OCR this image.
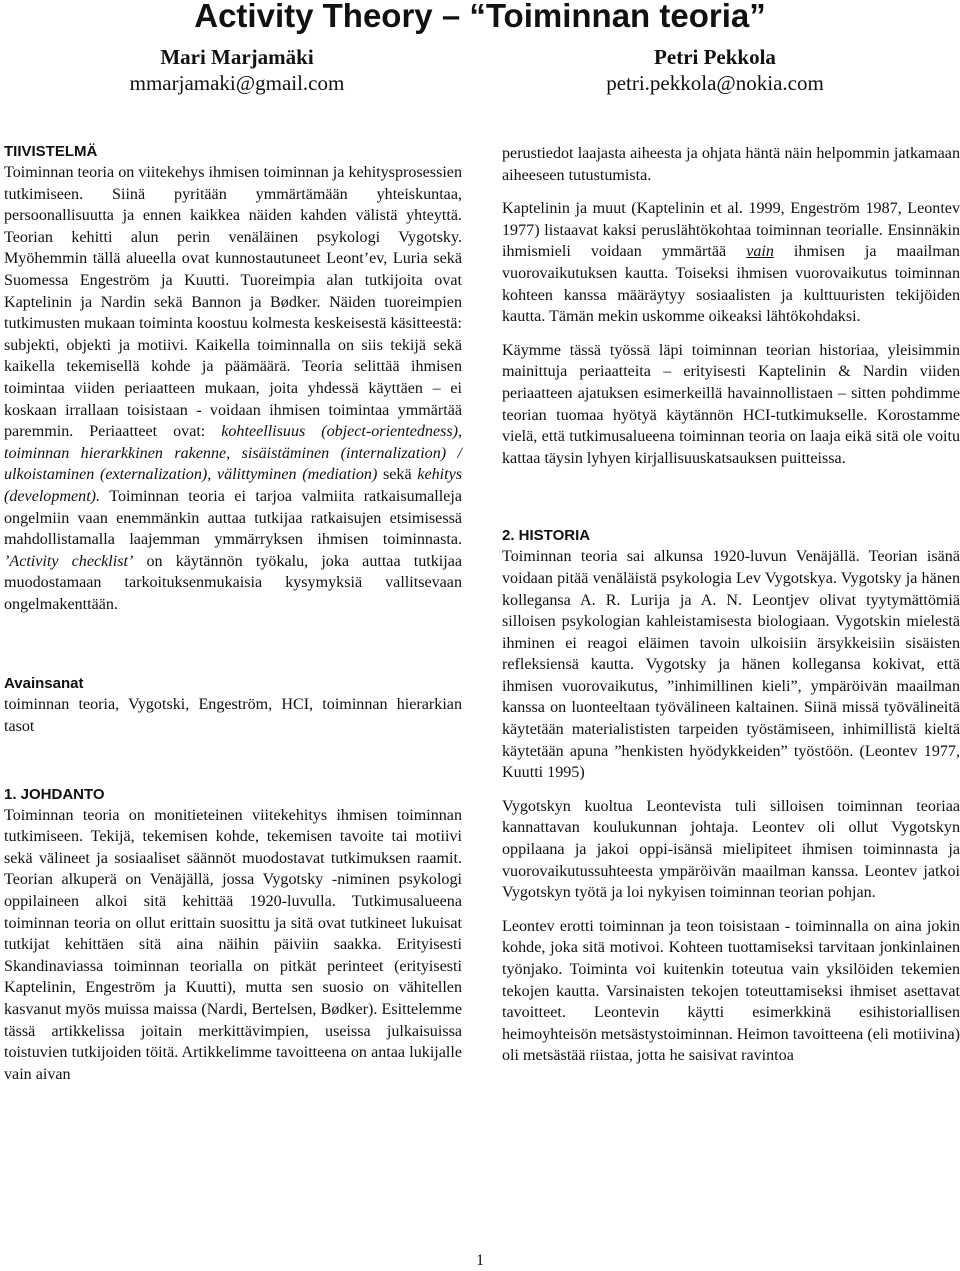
Activity Theory – “Toiminnan teoria”
Mari Marjamäki
mmarjamaki@gmail.com
Petri Pekkola
petri.pekkola@nokia.com
TIIVISTELMÄ

Toiminnan teoria on viitekehys ihmisen toiminnan ja kehitysprosessien tutkimiseen. Siinä pyritään ymmärtämään yhteiskuntaa, persoonallisuutta ja ennen kaikkea näiden kahden välistä yhteyttä. Teorian kehitti alun perin venäläinen psykologi Vygotsky. Myöhemmin tällä alueella ovat kunnostautuneet Leont’ev, Luria sekä Suomessa Engeström ja Kuutti. Tuoreimpia alan tutkijoita ovat Kaptelinin ja Nardin sekä Bannon ja Bødker. Näiden tuoreimpien tutkimusten mukaan toiminta koostuu kolmesta keskeisestä käsitteestä: subjekti, objekti ja motiivi. Kaikella toiminnalla on siis tekijä sekä kaikella tekemisellä kohde ja päämäärä. Teoria selittää ihmisen toimintaa viiden periaatteen mukaan, joita yhdessä käyttäen – ei koskaan irrallaan toisistaan - voidaan ihmisen toimintaa ymmärtää paremmin. Periaatteet ovat: kohteellisuus (object-orientedness), toiminnan hierarkkinen rakenne, sisäistäminen (internalization) / ulkoistaminen (externalization), välittyminen (mediation) sekä kehitys (development). Toiminnan teoria ei tarjoa valmiita ratkaisumalleja ongelmiin vaan enemmänkin auttaa tutkijaa ratkaisujen etsimisessä mahdollistamalla laajemman ymmärryksen ihmisen toiminnasta. ’Activity checklist’ on käytännön työkalu, joka auttaa tutkijaa muodostamaan tarkoituksenmukaisia kysymyksiä vallitsevaan ongelmakenttään.

Avainsanat

toiminnan teoria, Vygotski, Engeström, HCI, toiminnan hierarkian tasot

1. JOHDANTO

Toiminnan teoria on monitieteinen viitekehitys ihmisen toiminnan tutkimiseen. Tekijä, tekemisen kohde, tekemisen tavoite tai motiivi sekä välineet ja sosiaaliset säännöt muodostavat tutkimuksen raamit. Teorian alkuperä on Venäjällä, jossa Vygotsky -niminen psykologi oppilaineen alkoi sitä kehittää 1920-luvulla. Tutkimusalueena toiminnan teoria on ollut erittain suosittu ja sitä ovat tutkineet lukuisat tutkijat kehittäen sitä aina näihin päiviin saakka. Erityisesti Skandinaviassa toiminnan teorialla on pitkät perinteet (erityisesti Kaptelinin, Engeström ja Kuutti), mutta sen suosio on vähitellen kasvanut myös muissa maissa (Nardi, Bertelsen, Bødker). Esittelemme tässä artikkelissa joitain merkittävimpien, useissa julkaisuissa toistuvien tutkijoiden töitä. Artikkelimme tavoitteena on antaa lukijalle vain aivan

perustiedot laajasta aiheesta ja ohjata häntä näin helpommin jatkamaan aiheeseen tutustumista.

Kaptelinin ja muut (Kaptelinin et al. 1999, Engeström 1987, Leontev 1977) listaavat kaksi peruslähtökohtaa toiminnan teorialle. Ensinnäkin ihmismieli voidaan ymmärtää vain ihmisen ja maailman vuorovaikutuksen kautta. Toiseksi ihmisen vuorovaikutus toiminnan kohteen kanssa määräytyy sosiaalisten ja kulttuuristen tekijöiden kautta. Tämän mekin uskomme oikeaksi lähtökohdaksi.

Käymme tässä työssä läpi toiminnan teorian historiaa, yleisimmin mainittuja periaatteita – erityisesti Kaptelinin & Nardin viiden periaatteen ajatuksen esimerkeillä havainnollistaen – sitten pohdimme teorian tuomaa hyötyä käytännön HCI-tutkimukselle. Korostamme vielä, että tutkimusalueena toiminnan teoria on laaja eikä sitä ole voitu kattaa täysin lyhyen kirjallisuuskatsauksen puitteissa.

2. HISTORIA

Toiminnan teoria sai alkunsa 1920-luvun Venäjällä. Teorian isänä voidaan pitää venäläistä psykologia Lev Vygotskya. Vygotsky ja hänen kollegansa A. R. Lurija ja A. N. Leontjev olivat tyytymättömiä silloisen psykologian kahleistamisesta biologiaan. Vygotskin mielestä ihminen ei reagoi eläimen tavoin ulkoisiin ärsykkeisiin sisäisten refleksiensä kautta. Vygotsky ja hänen kollegansa kokivat, että ihmisen vuorovaikutus, ”inhimillinen kieli”, ympäröivän maailman kanssa on luonteeltaan työvälineen kaltainen. Siinä missä työvälineitä käytetään materialististen tarpeiden työstämiseen, inhimillistä kieltä käytetään apuna ”henkisten hyödykkeiden” työstöön. (Leontev 1977, Kuutti 1995)

Vygotskyn kuoltua Leontevista tuli silloisen toiminnan teoriaa kannattavan koulukunnan johtaja. Leontev oli ollut Vygotskyn oppilaana ja jakoi oppi-isänsä mielipiteet ihmisen toiminnasta ja vuorovaikutussuhteesta ympäröivän maailman kanssa. Leontev jatkoi Vygotskyn työtä ja loi nykyisen toiminnan teorian pohjan.

Leontev erotti toiminnan ja teon toisistaan - toiminnalla on aina jokin kohde, joka sitä motivoi. Kohteen tuottamiseksi tarvitaan jonkinlainen työnjako. Toiminta voi kuitenkin toteutua vain yksilöiden tekemien tekojen kautta. Varsinaisten tekojen toteuttamiseksi ihmiset asettavat tavoitteet. Leontevin käytti esimerkkinä esihistoriallisen heimoyhteisön metsästystoiminnan. Heimon tavoitteena (eli motiivina) oli metsästää riistaa, jotta he saisivat ravintoa

1
